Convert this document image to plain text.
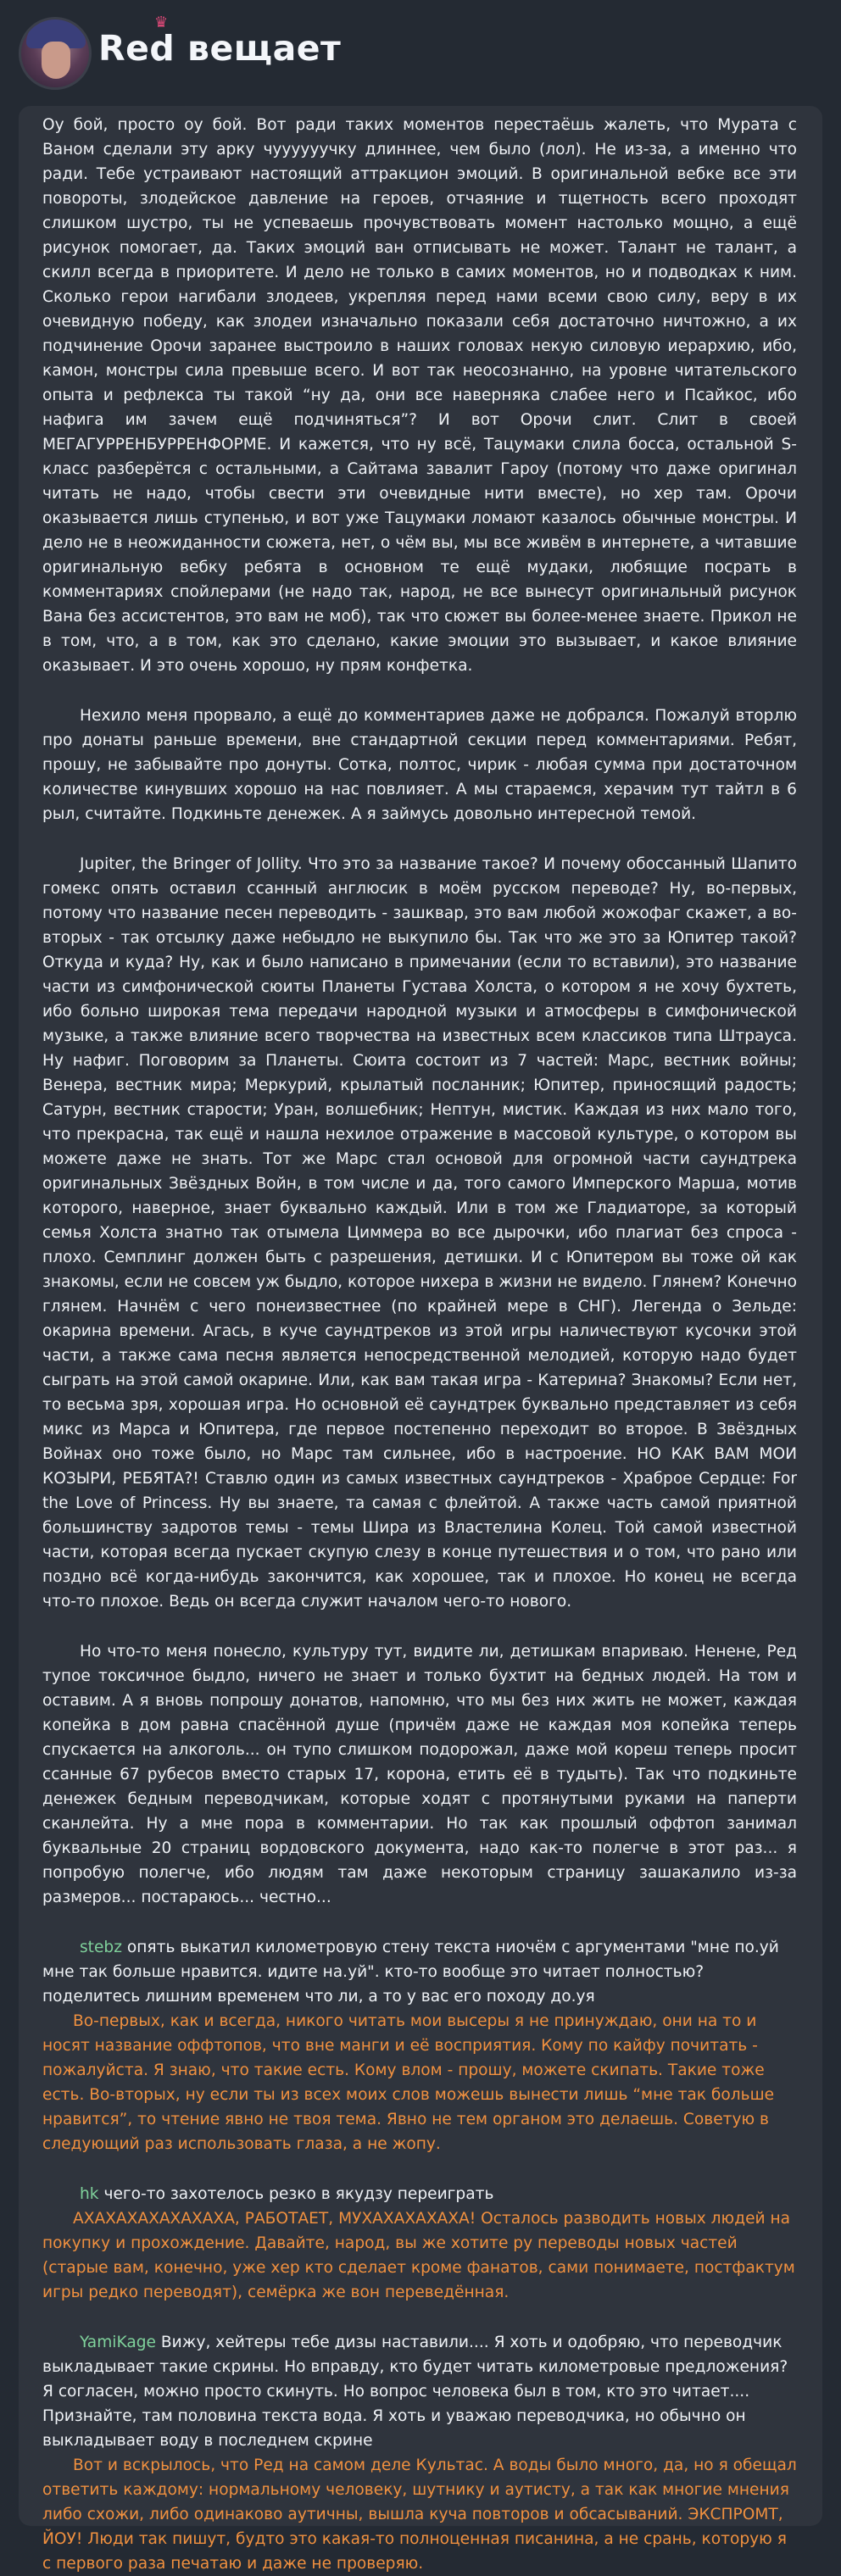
♛
Red вещает

Оу бой, просто оу бой. Вот ради таких моментов перестаёшь жалеть, что Мурата с Ваном сделали эту арку чуууууучку длиннее, чем было (лол). Не из-за, а именно что ради. Тебе устраивают настоящий аттракцион эмоций. В оригинальной вебке все эти повороты, злодейское давление на героев, отчаяние и тщетность всего проходят слишком шустро, ты не успеваешь прочувствовать момент настолько мощно, а ещё рисунок помогает, да. Таких эмоций ван отписывать не может. Талант не талант, а скилл всегда в приоритете. И дело не только в самих моментов, но и подводках к ним. Сколько герои нагибали злодеев, укрепляя перед нами всеми свою силу, веру в их очевидную победу, как злодеи изначально показали себя достаточно ничтожно, а их подчинение Орочи заранее выстроило в наших головах некую силовую иерархию, ибо, камон, монстры сила превыше всего. И вот так неосознанно, на уровне читательского опыта и рефлекса ты такой “ну да, они все наверняка слабее него и Псайкос, ибо нафига им зачем ещё подчиняться”? И вот Орочи слит. Слит в своей МЕГАГУРРЕНБУРРЕНФОРМЕ. И кажется, что ну всё, Тацумаки слила босса, остальной S-класс разберётся с остальными, а Сайтама завалит Гароу (потому что даже оригинал читать не надо, чтобы свести эти очевидные нити вместе), но хер там. Орочи оказывается лишь ступенью, и вот уже Тацумаки ломают казалось обычные монстры. И дело не в неожиданности сюжета, нет, о чём вы, мы все живём в интернете, а читавшие оригинальную вебку ребята в основном те ещё мудаки, любящие посрать в комментариях спойлерами (не надо так, народ, не все вынесут оригинальный рисунок Вана без ассистентов, это вам не моб), так что сюжет вы более-менее знаете. Прикол не в том, что, а в том, как это сделано, какие эмоции это вызывает, и какое влияние оказывает. И это очень хорошо, ну прям конфетка.

Нехило меня прорвало, а ещё до комментариев даже не добрался. Пожалуй вторлю про донаты раньше времени, вне стандартной секции перед комментариями. Ребят, прошу, не забывайте про донуты. Сотка, полтос, чирик - любая сумма при достаточном количестве кинувших хорошо на нас повлияет. А мы стараемся, херачим тут тайтл в 6 рыл, считайте. Подкиньте денежек. А я займусь довольно интересной темой.

Jupiter, the Bringer of Jollity. Что это за название такое? И почему обоссанный Шапито гомекс опять оставил ссанный англюсик в моём русском переводе? Ну, во-первых, потому что название песен переводить - зашквар, это вам любой жожофаг скажет, а во-вторых - так отсылку даже небыдло не выкупило бы. Так что же это за Юпитер такой? Откуда и куда? Ну, как и было написано в примечании (если то вставили), это название части из симфонической сюиты Планеты Густава Холста, о котором я не хочу бухтеть, ибо больно широкая тема передачи народной музыки и атмосферы в симфонической музыке, а также влияние всего творчества на известных всем классиков типа Штрауса. Ну нафиг. Поговорим за Планеты. Сюита состоит из 7 частей: Марс, вестник войны; Венера, вестник мира; Меркурий, крылатый посланник; Юпитер, приносящий радость; Сатурн, вестник старости; Уран, волшебник; Нептун, мистик. Каждая из них мало того, что прекрасна, так ещё и нашла нехилое отражение в массовой культуре, о котором вы можете даже не знать. Тот же Марс стал основой для огромной части саундтрека оригинальных Звёздных Войн, в том числе и да, того самого Имперского Марша, мотив которого, наверное, знает буквально каждый. Или в том же Гладиаторе, за который семья Холста знатно так отымела Циммера во все дырочки, ибо плагиат без спроса - плохо. Семплинг должен быть с разрешения, детишки. И с Юпитером вы тоже ой как знакомы, если не совсем уж быдло, которое нихера в жизни не видело. Глянем? Конечно глянем. Начнём с чего понеизвестнее (по крайней мере в СНГ). Легенда о Зельде: окарина времени. Агась, в куче саундтреков из этой игры наличествуют кусочки этой части, а также сама песня является непосредственной мелодией, которую надо будет сыграть на этой самой окарине. Или, как вам такая игра - Катерина? Знакомы? Если нет, то весьма зря, хорошая игра. Но основной её саундтрек буквально представляет из себя микс из Марса и Юпитера, где первое постепенно переходит во второе. В Звёздных Войнах оно тоже было, но Марс там сильнее, ибо в настроение. НО КАК ВАМ МОИ КОЗЫРИ, РЕБЯТА?! Ставлю один из самых известных саундтреков - Храброе Сердце: For the Love of Princess. Ну вы знаете, та самая с флейтой. А также часть самой приятной большинству задротов темы - темы Шира из Властелина Колец. Той самой известной части, которая всегда пускает скупую слезу в конце путешествия и о том, что рано или поздно всё когда-нибудь закончится, как хорошее, так и плохое. Но конец не всегда что-то плохое. Ведь он всегда служит началом чего-то нового.

Но что-то меня понесло, культуру тут, видите ли, детишкам впариваю. Ненене, Ред тупое токсичное быдло, ничего не знает и только бухтит на бедных людей. На том и оставим. А я вновь попрошу донатов, напомню, что мы без них жить не может, каждая копейка в дом равна спасённой душе (причём даже не каждая моя копейка теперь спускается на алкоголь... он тупо слишком подорожал, даже мой кореш теперь просит ссанные 67 рубесов вместо старых 17, корона, етить её в тудыть). Так что подкиньте денежек бедным переводчикам, которые ходят с протянутыми руками на паперти сканлейта. Ну а мне пора в комментарии. Но так как прошлый оффтоп занимал буквальные 20 страниц вордовского документа, надо как-то полегче в этот раз... я попробую полегче, ибо людям там даже некоторым страницу зашакалило из-за размеров... постараюсь... честно...

stebz опять выкатил километровую стену текста ниочём с аргументами "мне по.уй мне так больше нравится. идите на.уй". кто-то вообще это читает полностью? поделитесь лишним временем что ли, а то у вас его походу до.уя

Во-первых, как и всегда, никого читать мои высеры я не принуждаю, они на то и носят название оффтопов, что вне манги и её восприятия. Кому по кайфу почитать - пожалуйста. Я знаю, что такие есть. Кому влом - прошу, можете скипать. Такие тоже есть. Во-вторых, ну если ты из всех моих слов можешь вынести лишь “мне так больше нравится”, то чтение явно не твоя тема. Явно не тем органом это делаешь. Советую в следующий раз использовать глаза, а не жопу.

hk чего-то захотелось резко в якудзу переиграть

АХАХАХАХАХАХАХА, РАБОТАЕТ, МУХАХАХАХАХА! Осталось разводить новых людей на покупку и прохождение. Давайте, народ, вы же хотите ру переводы новых частей (старые вам, конечно, уже хер кто сделает кроме фанатов, сами понимаете, постфактум игры редко переводят), семёрка же вон переведённая.

YamiKage Вижу, хейтеры тебе дизы наставили.... Я хоть и одобряю, что переводчик выкладывает такие скрины. Но вправду, кто будет читать километровые предложения? Я согласен, можно просто скинуть. Но вопрос человека был в том, кто это читает.... Признайте, там половина текста вода. Я хоть и уважаю переводчика, но обычно он выкладывает воду в последнем скрине

Вот и вскрылось, что Ред на самом деле Культас. А воды было много, да, но я обещал ответить каждому: нормальному человеку, шутнику и аутисту, а так как многие мнения либо схожи, либо одинаково аутичны, вышла куча повторов и обсасываний. ЭКСПРОМТ, ЙОУ! Люди так пишут, будто это какая-то полноценная писанина, а не срань, которую я с первого раза печатаю и даже не проверяю.
